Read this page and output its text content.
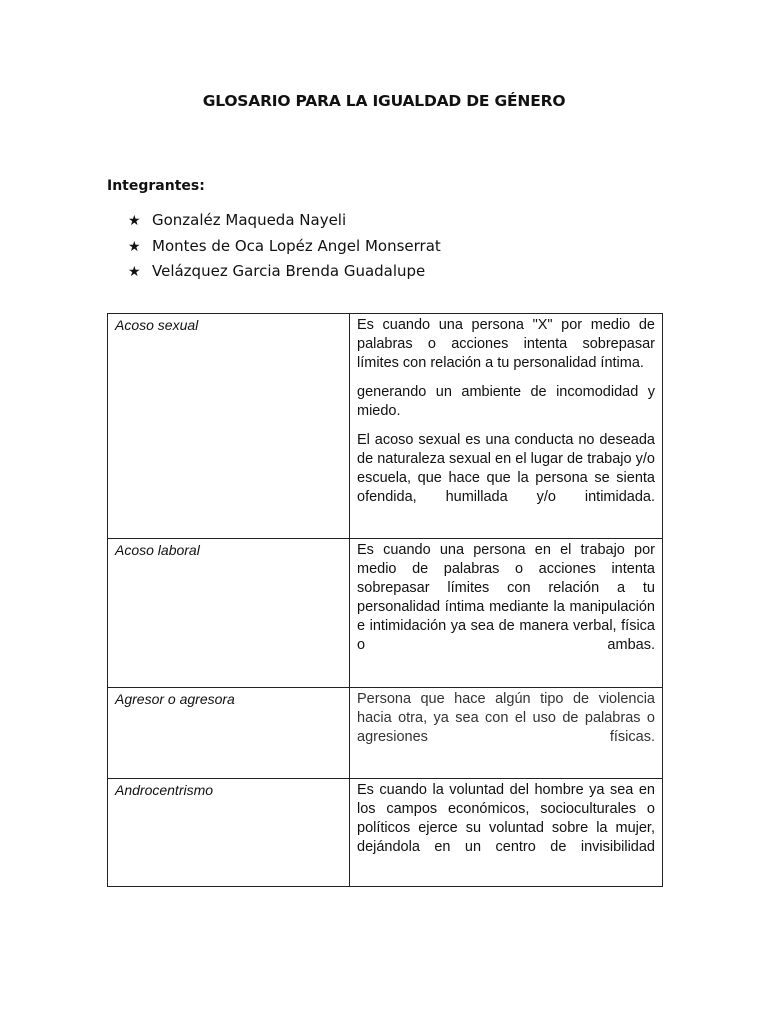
GLOSARIO PARA LA IGUALDAD DE GÉNERO
Integrantes:
★ Gonzaléz Maqueda Nayeli
★ Montes de Oca Lopéz Angel Monserrat
★ Velázquez Garcia Brenda Guadalupe
Acoso sexual	Es cuando una persona "X" por medio de palabras o acciones intenta sobrepasar límites con relación a tu personalidad íntima.

generando un ambiente de incomodidad y miedo.

El acoso sexual es una conducta no deseada de naturaleza sexual en el lugar de trabajo y/o escuela, que hace que la persona se sienta ofendida, humillada y/o intimidada.

Acoso laboral	Es cuando una persona en el trabajo por medio de palabras o acciones intenta sobrepasar límites con relación a tu personalidad íntima mediante la manipulación e intimidación ya sea de manera verbal, física o ambas.

Agresor o agresora	Persona que hace algún tipo de violencia hacia otra, ya sea con el uso de palabras o agresiones físicas.

Androcentrismo	Es cuando la voluntad del hombre ya sea en los campos económicos, socioculturales o políticos ejerce su voluntad sobre la mujer, dejándola en un centro de invisibilidad
